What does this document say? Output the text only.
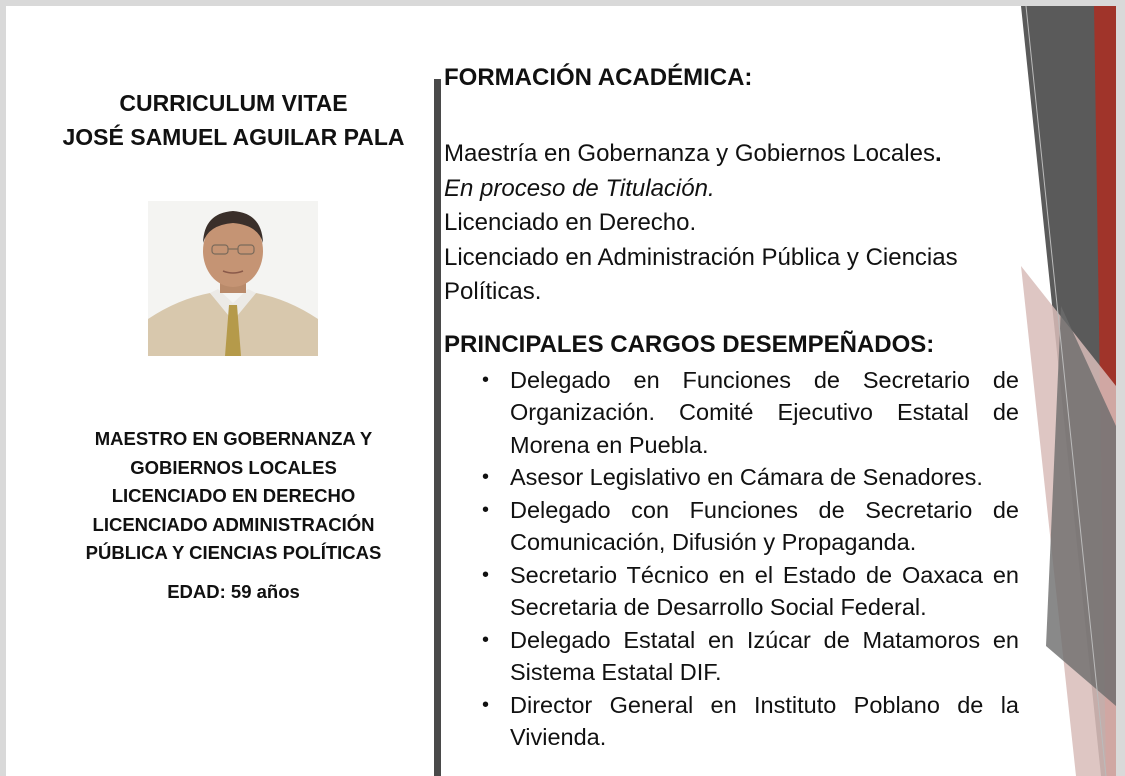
CURRICULUM VITAE
JOSÉ SAMUEL AGUILAR PALA
MAESTRO EN GOBERNANZA Y
GOBIERNOS LOCALES
LICENCIADO EN DERECHO
LICENCIADO ADMINISTRACIÓN
PÚBLICA Y CIENCIAS POLÍTICAS
EDAD: 59 años
FORMACIÓN ACADÉMICA:
Maestría en Gobernanza y Gobiernos Locales.
En proceso de Titulación.
Licenciado en Derecho.
Licenciado en Administración Pública y Ciencias Políticas.
PRINCIPALES CARGOS DESEMPEÑADOS:
• Delegado en Funciones de Secretario de Organización. Comité Ejecutivo Estatal de Morena en Puebla.
• Asesor Legislativo en Cámara de Senadores.
• Delegado con Funciones de Secretario de Comunicación, Difusión y Propaganda.
• Secretario Técnico en el Estado de Oaxaca en Secretaria de Desarrollo Social Federal.
• Delegado Estatal en Izúcar de Matamoros en Sistema Estatal DIF.
• Director General en Instituto Poblano de la Vivienda.
